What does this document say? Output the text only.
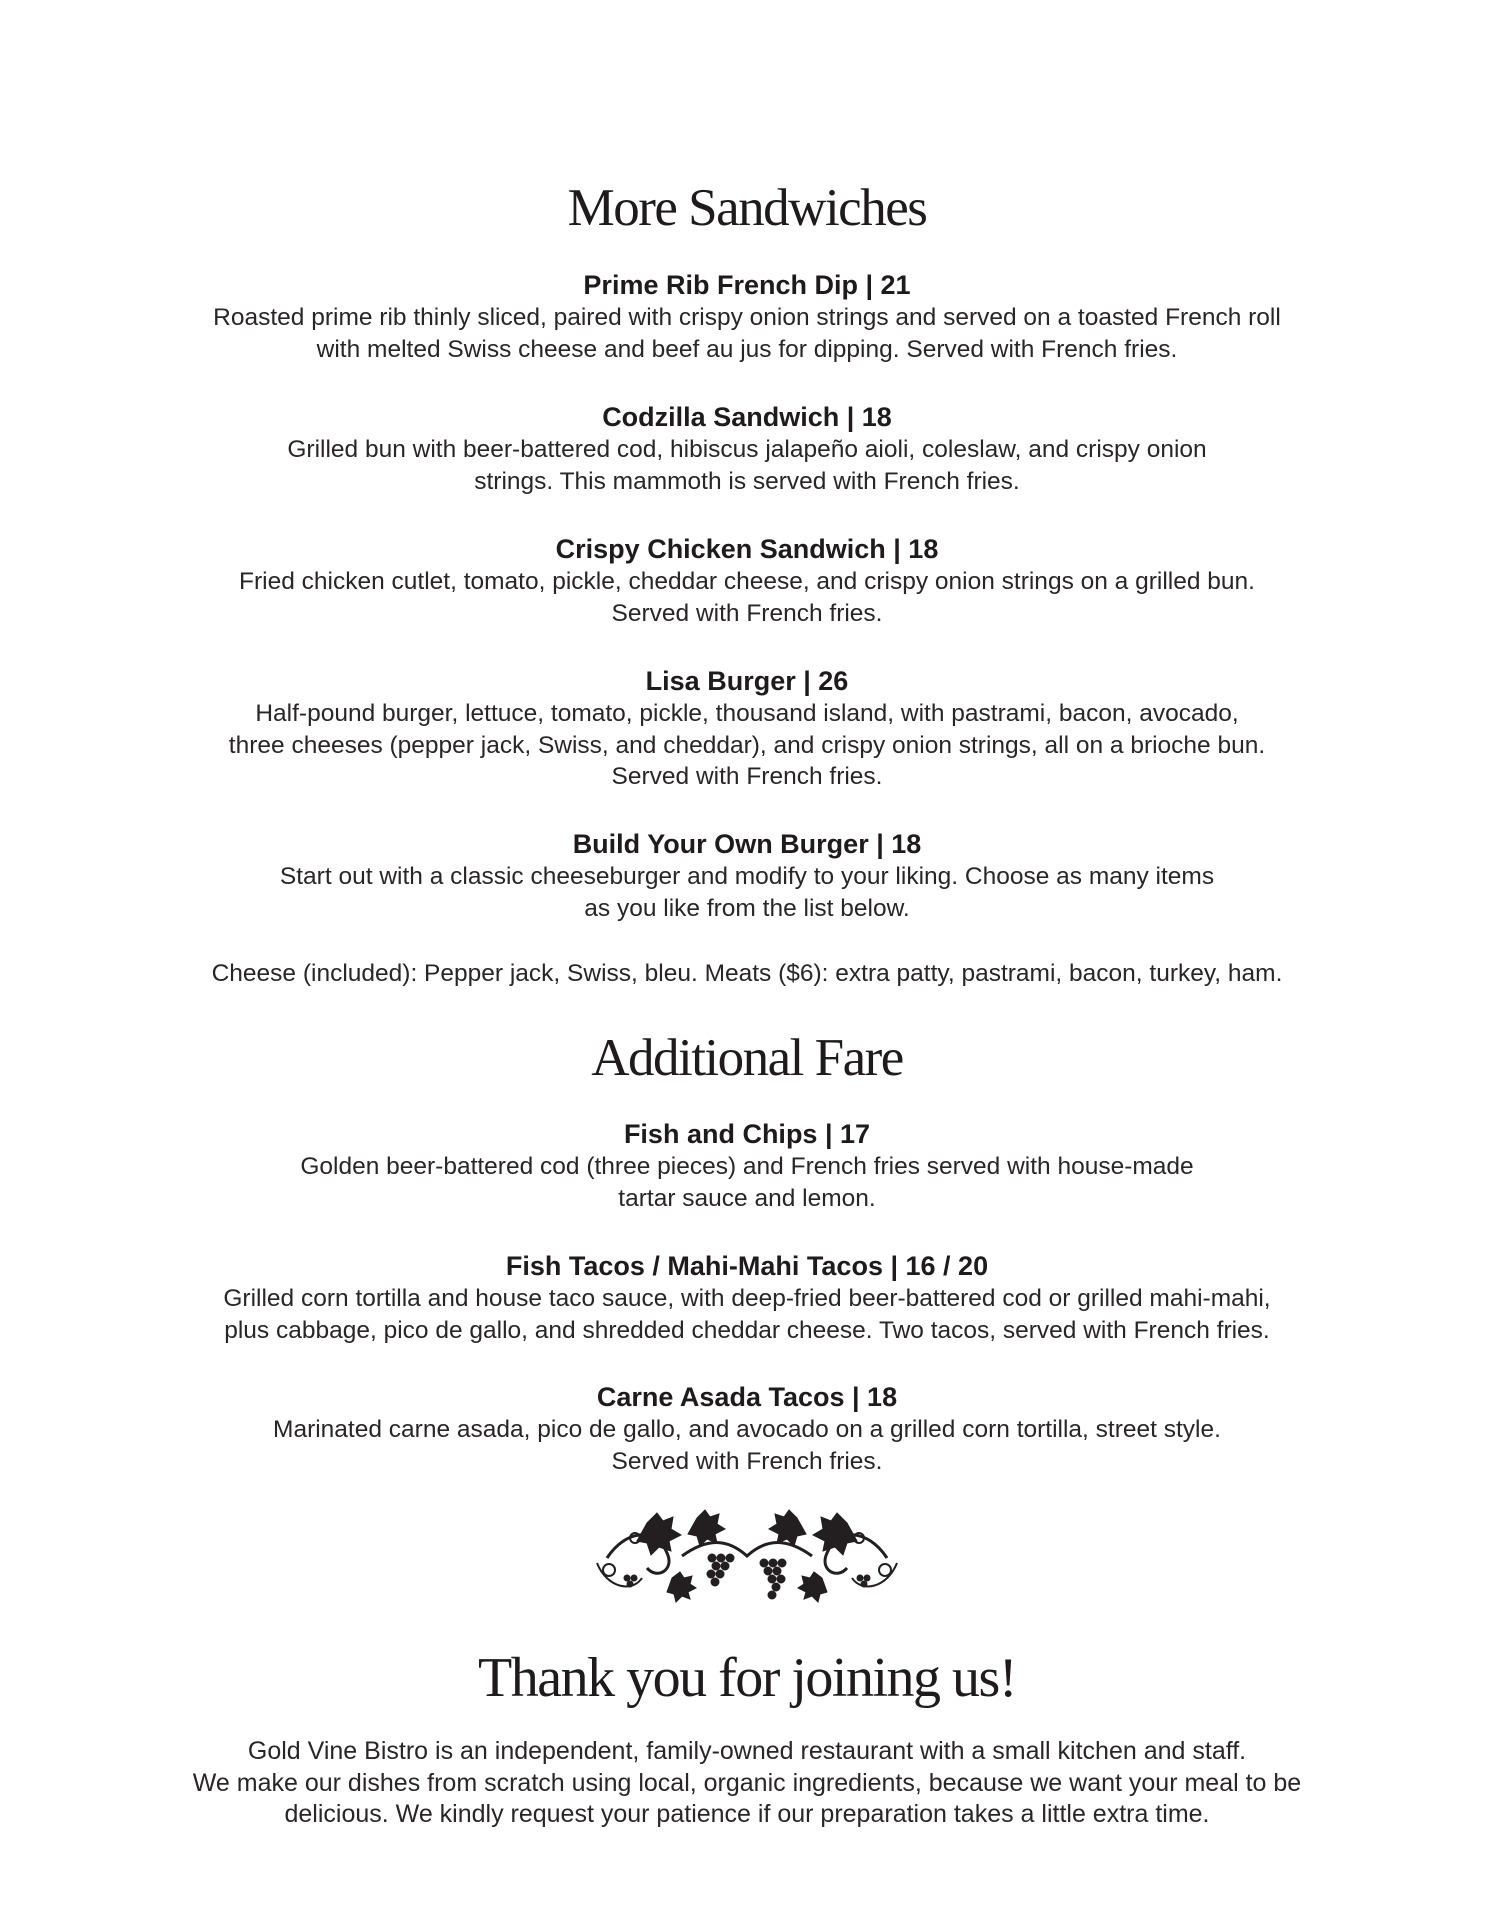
More Sandwiches
Prime Rib French Dip | 21
Roasted prime rib thinly sliced, paired with crispy onion strings and served on a toasted French roll
with melted Swiss cheese and beef au jus for dipping. Served with French fries.
Codzilla Sandwich | 18
Grilled bun with beer-battered cod, hibiscus jalapeño aioli, coleslaw, and crispy onion
strings. This mammoth is served with French fries.
Crispy Chicken Sandwich | 18
Fried chicken cutlet, tomato, pickle, cheddar cheese, and crispy onion strings on a grilled bun.
Served with French fries.
Lisa Burger | 26
Half-pound burger, lettuce, tomato, pickle, thousand island, with pastrami, bacon, avocado,
three cheeses (pepper jack, Swiss, and cheddar), and crispy onion strings, all on a brioche bun.
Served with French fries.
Build Your Own Burger | 18
Start out with a classic cheeseburger and modify to your liking. Choose as many items
as you like from the list below.
Cheese (included): Pepper jack, Swiss, bleu. Meats ($6): extra patty, pastrami, bacon, turkey, ham.
Additional Fare
Fish and Chips | 17
Golden beer-battered cod (three pieces) and French fries served with house-made
tartar sauce and lemon.
Fish Tacos / Mahi-Mahi Tacos | 16 / 20
Grilled corn tortilla and house taco sauce, with deep-fried beer-battered cod or grilled mahi-mahi,
plus cabbage, pico de gallo, and shredded cheddar cheese. Two tacos, served with French fries.
Carne Asada Tacos | 18
Marinated carne asada, pico de gallo, and avocado on a grilled corn tortilla, street style.
Served with French fries.
Thank you for joining us!
Gold Vine Bistro is an independent, family-owned restaurant with a small kitchen and staff.
We make our dishes from scratch using local, organic ingredients, because we want your meal to be
delicious. We kindly request your patience if our preparation takes a little extra time.
